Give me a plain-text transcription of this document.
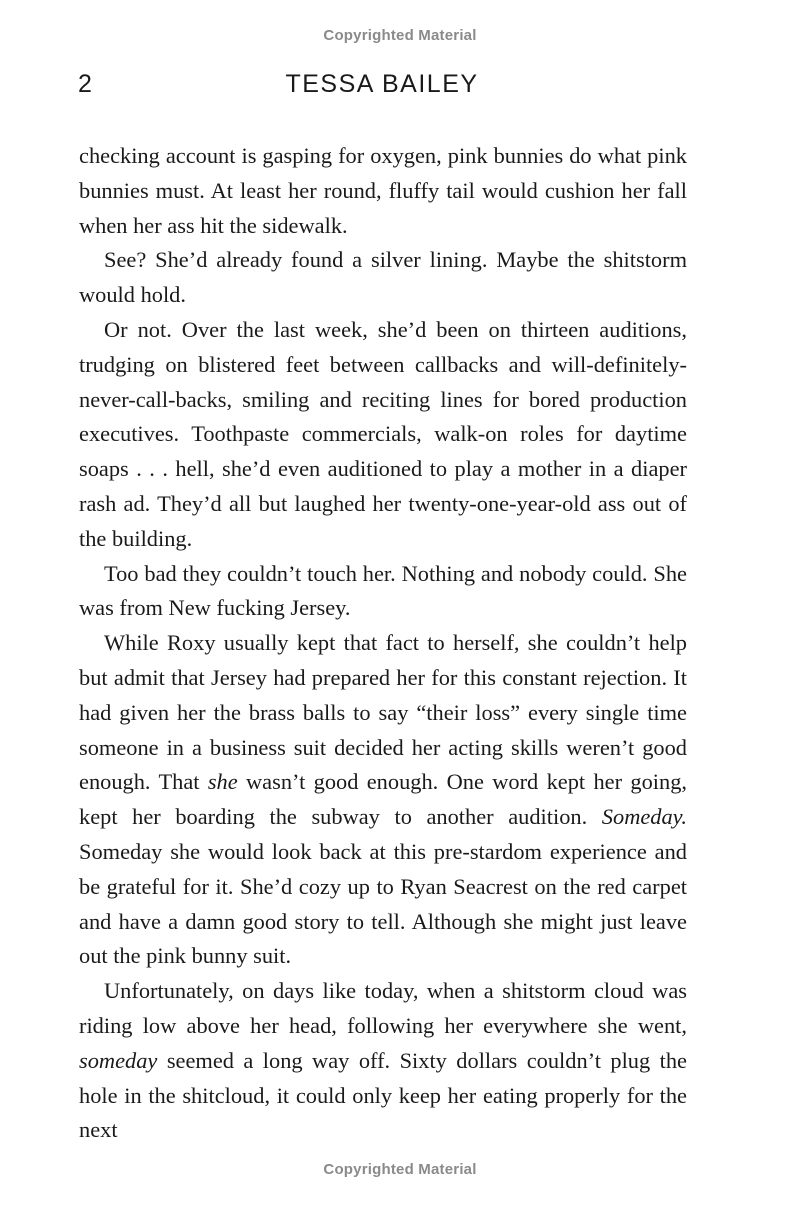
Copyrighted Material
2	TESSA BAILEY

checking account is gasping for oxygen, pink bunnies do what pink bunnies must. At least her round, fluffy tail would cushion her fall when her ass hit the sidewalk.

See? She’d already found a silver lining. Maybe the shitstorm would hold.

Or not. Over the last week, she’d been on thirteen auditions, trudging on blistered feet between callbacks and will-definitely-never-call-backs, smiling and reciting lines for bored production executives. Toothpaste commercials, walk-on roles for daytime soaps . . . hell, she’d even auditioned to play a mother in a diaper rash ad. They’d all but laughed her twenty-one-year-old ass out of the building.

Too bad they couldn’t touch her. Nothing and nobody could. She was from New fucking Jersey.

While Roxy usually kept that fact to herself, she couldn’t help but admit that Jersey had prepared her for this constant rejection. It had given her the brass balls to say “their loss” every single time someone in a business suit decided her acting skills weren’t good enough. That she wasn’t good enough. One word kept her going, kept her boarding the subway to another audition. Someday. Someday she would look back at this pre-stardom experience and be grateful for it. She’d cozy up to Ryan Seacrest on the red carpet and have a damn good story to tell. Although she might just leave out the pink bunny suit.

Unfortunately, on days like today, when a shitstorm cloud was riding low above her head, following her everywhere she went, someday seemed a long way off. Sixty dollars couldn’t plug the hole in the shitcloud, it could only keep her eating properly for the next

Copyrighted Material
